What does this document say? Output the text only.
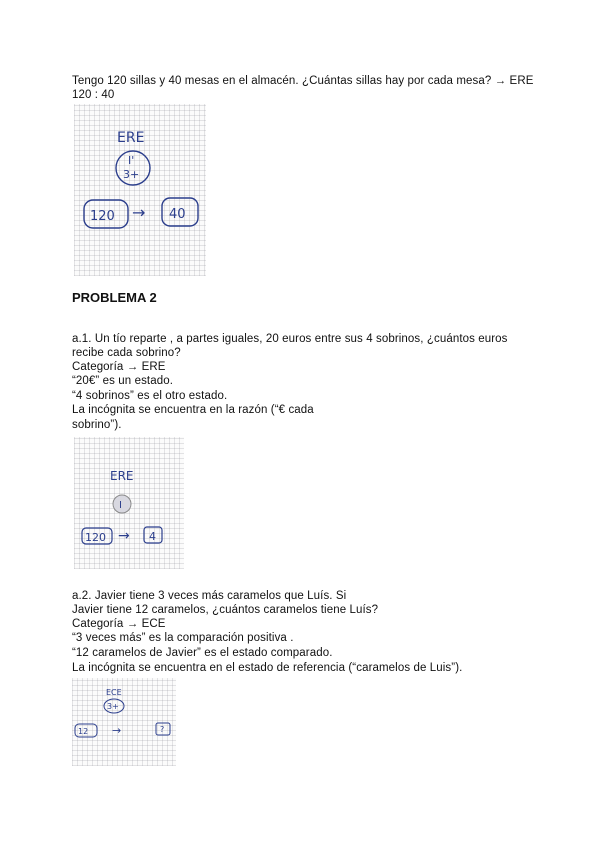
Tengo 120 sillas y 40 mesas en el almacén. ¿Cuántas sillas hay por cada mesa? → ERE
120 : 40
ERE
I'
3+
120 → 40
PROBLEMA 2
a.1. Un tío reparte , a partes iguales, 20 euros entre sus 4 sobrinos, ¿cuántos euros
recibe cada sobrino?
Categoría → ERE
“20€” es un estado.
“4 sobrinos” es el otro estado.
La incógnita se encuentra en la razón (“€ cada
sobrino”).
ERE
I
120 → 4
a.2. Javier tiene 3 veces más caramelos que Luís. Si
Javier tiene 12 caramelos, ¿cuántos caramelos tiene Luís?
Categoría → ECE
“3 veces más” es la comparación positiva .
“12 caramelos de Javier” es el estado comparado.
La incógnita se encuentra en el estado de referencia (“caramelos de Luis”).
ECE
3+
12 →	?
